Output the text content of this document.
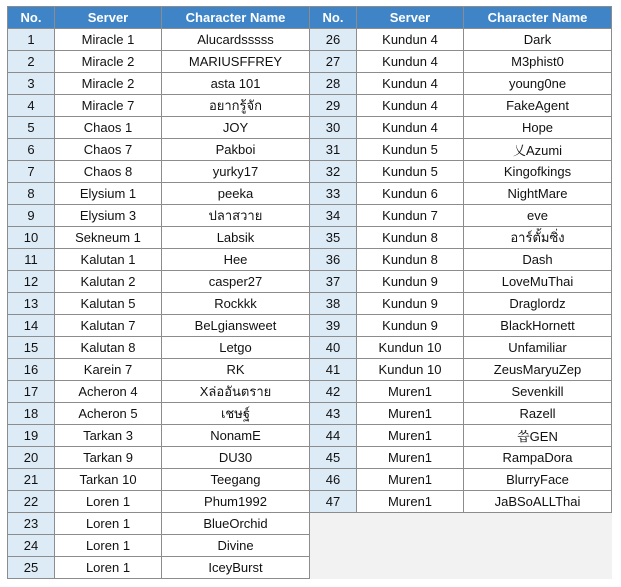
No.	Server	Character Name	No.	Server	Character Name
1	Miracle 1	Alucardsssss	26	Kundun 4	Dark
2	Miracle 2	MARIUSFFREY	27	Kundun 4	M3phist0
3	Miracle 2	asta 101	28	Kundun 4	young0ne
4	Miracle 7	อยากรู้จัก	29	Kundun 4	FakeAgent
5	Chaos 1	JOY	30	Kundun 4	Hope
6	Chaos 7	Pakboi	31	Kundun 5	乂Azumi
7	Chaos 8	yurky17	32	Kundun 5	Kingofkings
8	Elysium 1	peeka	33	Kundun 6	NightMare
9	Elysium 3	ปลาสวาย	34	Kundun 7	eve
10	Sekneum 1	Labsik	35	Kundun 8	อาร์ตั้มซิ่ง
11	Kalutan 1	Hee	36	Kundun 8	Dash
12	Kalutan 2	casper27	37	Kundun 9	LoveMuThai
13	Kalutan 5	Rockkk	38	Kundun 9	Draglordz
14	Kalutan 7	BeLgiansweet	39	Kundun 9	BlackHornett
15	Kalutan 8	Letgo	40	Kundun 10	Unfamiliar
16	Karein 7	RK	41	Kundun 10	ZeusMaryuZep
17	Acheron 4	Xล่ออันตราย	42	Muren1	Sevenkill
18	Acheron 5	เชษฐ์	43	Muren1	Razell
19	Tarkan 3	NonamE	44	Muren1	씁GEN
20	Tarkan 9	DU30	45	Muren1	RampaDora
21	Tarkan 10	Teegang	46	Muren1	BlurryFace
22	Loren 1	Phum1992	47	Muren1	JaBSoALLThai
23	Loren 1	BlueOrchid			
24	Loren 1	Divine			
25	Loren 1	IceyBurst			
